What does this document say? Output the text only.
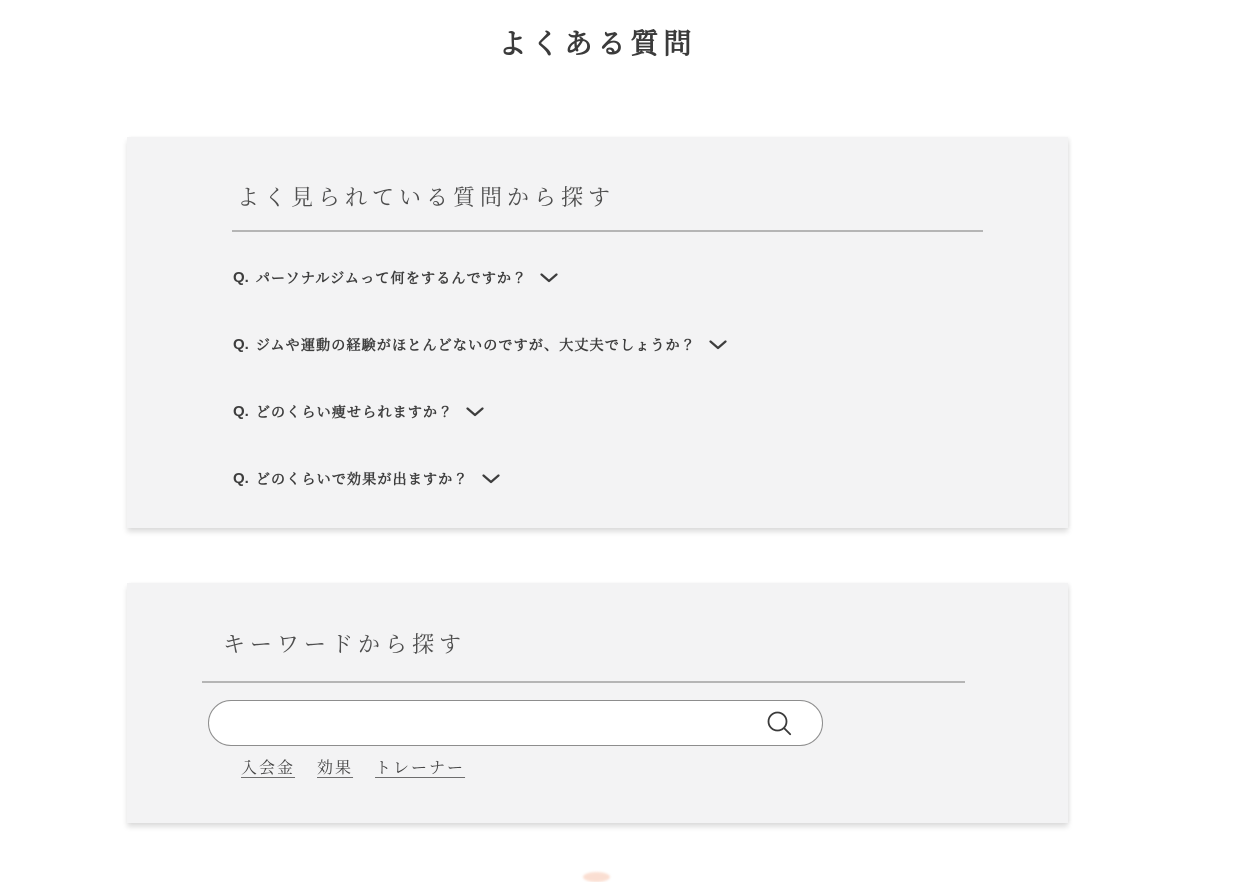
よくある質問
よく見られている質問から探す
Q. パーソナルジムって何をするんですか？
Q. ジムや運動の経験がほとんどないのですが、大丈夫でしょうか？
Q. どのくらい痩せられますか？
Q. どのくらいで効果が出ますか？
キーワードから探す
入会金 効果 トレーナー
